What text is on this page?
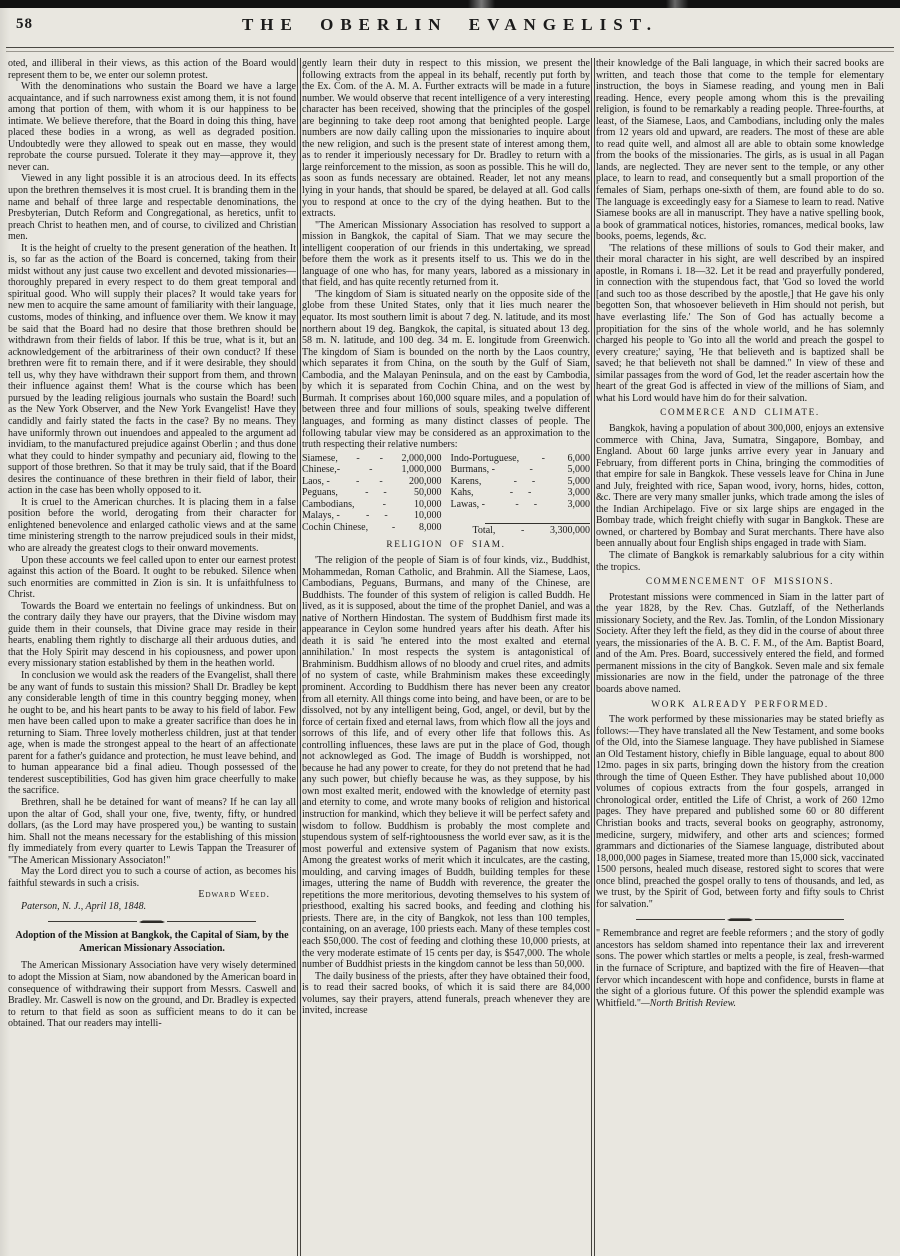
58	THE OBERLIN EVANGELIST.

oted, and illiberal in their views, as this action of the Board would represent them to be, we enter our solemn protest.

With the denominations who sustain the Board we have a large acquaintance, and if such narrowness exist among them, it is not found among that portion of them, with whom it is our happiness to be intimate. We believe therefore, that the Board in doing this thing, have placed these bodies in a wrong, as well as degraded position. Undoubtedly were they allowed to speak out en masse, they would reprobate the course pursued. Tolerate it they may—approve it, they never can.

Viewed in any light possible it is an atrocious deed. In its effects upon the brethren themselves it is most cruel. It is branding them in the name and behalf of three large and respectable denominations, the Presbyterian, Dutch Reform and Congregational, as heretics, unfit to preach Christ to heathen men, and of course, to civilized and Christian men.

It is the height of cruelty to the present generation of the heathen. It is, so far as the action of the Board is concerned, taking from their midst without any just cause two excellent and devoted missionaries—thoroughly prepared in every respect to do them great temporal and spiritual good. Who will supply their places? It would take years for new men to acquire the same amount of familiarity with their language, customs, modes of thinking, and influence over them. We know it may be said that the Board had no desire that those brethren should be withdrawn from their fields of labor. If this be true, what is it, but an acknowledgement of the arbitrariness of their own conduct? If these brethren were fit to remain there, and if it were desirable, they should tell us, why they have withdrawn their support from them, and thrown their influence against them! What is the course which has been pursued by the leading religious journals who sustain the Board! such as the New York Observer, and the New York Evangelist! Have they candidly and fairly stated the facts in the case? By no means. They have uniformly thrown out inuendoes and appealed to the argument ad invidiam, to the manufactured prejudice against Oberlin ; and thus done what they could to hinder sympathy and pecuniary aid, flowing to the support of those brethren. So that it may be truly said, that if the Board desires the continuance of these brethren in their field of labor, their action in the case has been wholly opposed to it.

It is cruel to the American churches. It is placing them in a false position before the world, derogating from their character for enlightened benevolence and enlarged catholic views and at the same time ministering strength to the narrow prejudiced souls in their midst, who are already the greatest clogs to their onward movements.

Upon these accounts we feel called upon to enter our earnest protest against this action of the Board. It ought to be rebuked. Silence when such enormities are committed in Zion is sin. It is unfaithfulness to Christ.

Towards the Board we entertain no feelings of unkindness. But on the contrary daily they have our prayers, that the Divine wisdom may guide them in their counsels, that Divine grace may reside in their hearts, enabling them rightly to discharge all their arduous duties, and that the Holy Spirit may descend in his copiousness, and power upon every missionary station established by them in the heathen world.

In conclusion we would ask the readers of the Evangelist, shall there be any want of funds to sustain this mission? Shall Dr. Bradley be kept any considerable length of time in this country begging money, when he ought to be, and his heart pants to be away to his field of labor. Few men have been called upon to make a greater sacrifice than does he in returning to Siam. Three lovely motherless children, just at that tender age, when is made the strongest appeal to the heart of an affectionate parent for a father's guidance and protection, he must leave behind, and to human appearance bid a final adieu. Though possessed of the tenderest susceptibilities, God has given him grace cheerfully to make the sacrifice.

Brethren, shall he be detained for want of means? If he can lay all upon the altar of God, shall your one, five, twenty, fifty, or hundred dollars, (as the Lord may have prospered you,) be wanting to sustain him. Shall not the means necessary for the establishing of this mission fly immediately from every quarter to Lewis Tappan the Treasurer of "The American Missionary Associaton!"

May the Lord direct you to such a course of action, as becomes his faithful stewards in such a crisis.

Edward Weed.

Paterson, N. J., April 18, 1848.

Adoption of the Mission at Bangkok, the Capital of Siam, by the American Missionary Association.

The American Missionary Association have very wisely determined to adopt the Mission at Siam, now abandoned by the American board in consequence of withdrawing their support from Messrs. Caswell and Bradley. Mr. Caswell is now on the ground, and Dr. Bradley is expected to return to that field as soon as sufficient means to do it can be obtained. That our readers may intelli-

gently learn their duty in respect to this mission, we present the following extracts from the appeal in its behalf, recently put forth by the Ex. Com. of the A. M. A. Further extracts will be made in a future number. We would observe that recent intelligence of a very interesting character has been received, showing that the principles of the gospel are beginning to take deep root among that benighted people. Large numbers are now daily calling upon the missionaries to inquire about the new religion, and such is the present state of interest among them, as to render it imperiously necessary for Dr. Bradley to return with a large reinforcement to the mission, as soon as possible. This he will do, as soon as funds necessary are obtained. Reader, let not any means lying in your hands, that should be spared, be delayed at all. God calls you to respond at once to the cry of the dying heathen. But to the extracts.

"The American Missionary Association has resolved to support a mission in Bangkok, the capital of Siam. That we may secure the intelligent cooperation of our friends in this undertaking, we spread before them the work as it presents itself to us. This we do in the language of one who has, for many years, labored as a missionary in that field, and has quite recently returned from it.

'The kingdom of Siam is situated nearly on the opposite side of the globe from these United States, only that it lies much nearer the equator. Its most southern limit is about 7 deg. N. latitude, and its most northern about 19 deg. Bangkok, the capital, is situated about 13 deg. 58 m. N. latitude, and 100 deg. 34 m. E. longitude from Greenwich. The kingdom of Siam is bounded on the north by the Laos country, which separates it from China, on the south by the Gulf of Siam, Cambodia, and the Malayan Peninsula, and on the east by Cambodia, by which it is separated from Cochin China, and on the west by Burmah. It comprises about 160,000 square miles, and a population of between three and four millions of souls, speaking twelve different languages, and forming as many distinct classes of people. The following tabular view may be considered as an approximation to the truth respecting their relative numbers:

Siamese,	-        -	2,000,000
Chinese,-	-	1,000,000
Laos, -	-        -	200,000
Peguans,	-      -	50,000
Cambodians,	-	10,000
Malays, -	-      -	10,000
Cochin Chinese,	-	8,000
Indo-Portuguese,	-	6,000
Burmans, -	-	5,000
Karens,	-      -	5,000
Kahs,	-      -	3,000
Lawas, -	-      -	3,000
Total,	-	3,300,000

RELIGION OF SIAM.

'The religion of the people of Siam is of four kinds, viz., Buddhist, Mohammedan, Roman Catholic, and Brahmin. All the Siamese, Laos, Cambodians, Peguans, Burmans, and many of the Chinese, are Buddhists. The founder of this system of religion is called Buddh. He lived, as it is supposed, about the time of the prophet Daniel, and was a native of Northern Hindostan. The system of Buddhism first made its appearance in Ceylon some hundred years after his death. After his death it is said 'he entered into the most exalted and eternal annihilation.' In most respects the system is antagonistical of Brahminism. Buddhism allows of no bloody and cruel rites, and admits of no system of caste, while Brahminism makes these exceedingly prominent. According to Buddhism there has never been any creator from all eternity. All things come into being, and have been, or are to be dissolved, not by any intelligent being, God, angel, or devil, but by the force of certain fixed and eternal laws, from which flow all the joys and sorrows of this life, and of every other life that follows this. As controlling influences, these laws are put in the place of God, though not acknowleged as God. The image of Buddh is worshipped, not because he had any power to create, for they do not pretend that he had any such power, but chiefly because he was, as they suppose, by his own most exalted merit, endowed with the knowledge of eternity past and eternity to come, and wrote many books of religion and historical instruction for mankind, which they believe it will be perfect safety and wisdom to follow. Buddhism is probably the most complete and stupendous system of self-rightoousness the world ever saw, as it is the most powerful and extensive system of Paganism that now exists. Among the greatest works of merit which it inculcates, are the casting, moulding, and carving images of Buddh, building temples for these images, uttering the name of Buddh with reverence, the greater the repetitions the more meritorious, devoting themselves to his system of priesthood, exalting his sacred books, and feeding and clothing his priests. There are, in the city of Bangkok, not less than 100 temples, containing, on an average, 100 priests each. Many of these temples cost each $50,000. The cost of feeding and clothing these 10,000 priests, at the very moderate estimate of 15 cents per day, is $547,000. The whole number of Buddhist priests in the kingdom cannot be less than 50,000.

The daily business of the priests, after they have obtained their food, is to read their sacred books, of which it is said there are 84,000 volumes, say their prayers, attend funerals, preach whenever they are invited, increase

their knowledge of the Bali language, in which their sacred books are written, and teach those that come to the temple for elementary instruction, the boys in Siamese reading, and young men in Bali reading. Hence, every people among whom this is the prevailing religion, is found to be remarkably a reading people. Three-fourths, at least, of the Siamese, Laos, and Cambodians, including only the males from 12 years old and upward, are readers. The most of these are able to read quite well, and almost all are able to obtain some knowledge from the books of the missionaries. The girls, as is usual in all Pagan lands, are neglected. They are never sent to the temple, or any other place, to learn to read, and consequently but a small proportion of the females of Siam, perhaps one-sixth of them, are found able to do so. The language is exceedingly easy for a Siamese to learn to read. Native Siamese books are all in manuscript. They have a native spelling book, a book of grammatical notices, histories, romances, medical books, law books, poems, legends, &c.

'The relations of these millions of souls to God their maker, and their moral character in his sight, are well described by an inspired apostle, in Romans i. 18—32. Let it be read and prayerfully pondered, in connection with the stupendous fact, that 'God so loved the world [and such too as those described by the apostle,] that He gave his only begotten Son, that whosoever believeth in Him should not perish, but have everlasting life.' The Son of God has actually become a propitiation for the sins of the whole world, and he has solemnly charged his people to 'Go into all the world and preach the gospel to every creature;' saying, 'He that believeth and is baptized shall be saved; he that believeth not shall be damned." In view of these and similar passages from the word of God, let the reader ascertain how the heart of the great God is affected in view of the millions of Siam, and what his Lord would have him do for their salvation.

COMMERCE AND CLIMATE.

Bangkok, having a population of about 300,000, enjoys an extensive commerce with China, Java, Sumatra, Singapore, Bombay, and England. About 60 large junks arrive every year in January and February, from different ports in China, bringing the commodities of that empire for sale in Bangkok. These vessels leave for China in June and July, freighted with rice, Sapan wood, ivory, horns, hides, cotton, &c. There are very many smaller junks, which trade among the isles of the Indian Archipelago. Five or six large ships are engaged in the Bombay trade, which freight chiefly with sugar in Bangkok. These are owned, or chartered by Bombay and Surat merchants. There have also been annually about four English ships engaged in trade with Siam.

The climate of Bangkok is remarkably salubrious for a city within the tropics.

COMMENCEMENT OF MISSIONS.

Protestant missions were commenced in Siam in the latter part of the year 1828, by the Rev. Chas. Gutzlaff, of the Netherlands missionary Society, and the Rev. Jas. Tomlin, of the London Missionary Society. After they left the field, as they did in the course of about three years, the missionaries of the A. B. C. F. M., of the Am. Baptist Board, and of the Am. Pres. Board, successively entered the field, and formed permanent missions in the city of Bangkok. Seven male and six female missionaries are now in the field, under the patronage of the three boards above named.

WORK ALREADY PERFORMED.

The work performed by these missionaries may be stated briefly as follows:—They have translated all the New Testament, and some books of the Old, into the Siamese language. They have published in Siamese an Old Testament history, chiefly in Bible language, equal to about 800 12mo. pages in six parts, bringing down the history from the creation through the time of Queen Esther. They have published about 10,000 volumes of copious extracts from the four gospels, arranged in chronological order, entitled the Life of Christ, a work of 260 12mo pages. They have prepared and published some 60 or 80 different Christian books and tracts, several books on geography, astronomy, medicine, surgery, midwifery, and other arts and sciences; formed grammars and dictionaries of the Siamese language, distributed about 18,000,000 pages in Siamese, treated more than 15,000 sick, vaccinated 1500 persons, healed much disease, restored sight to scores that were once blind, preached the gospel orally to tens of thousands, and led, as we trust, by the Spirit of God, between forty and fifty souls to Christ for salvation."

" Remembrance and regret are feeble reformers ; and the story of godly ancestors has seldom shamed into repentance their lax and irreverent sons. The power which startles or melts a people, is zeal, fresh-warmed in the furnace of Scripture, and baptized with the fire of Heaven—that fervor which incandescent with hope and confidence, bursts in flame at the sight of a glorious future. Of this power the splendid example was Whitfield."—North British Review.
